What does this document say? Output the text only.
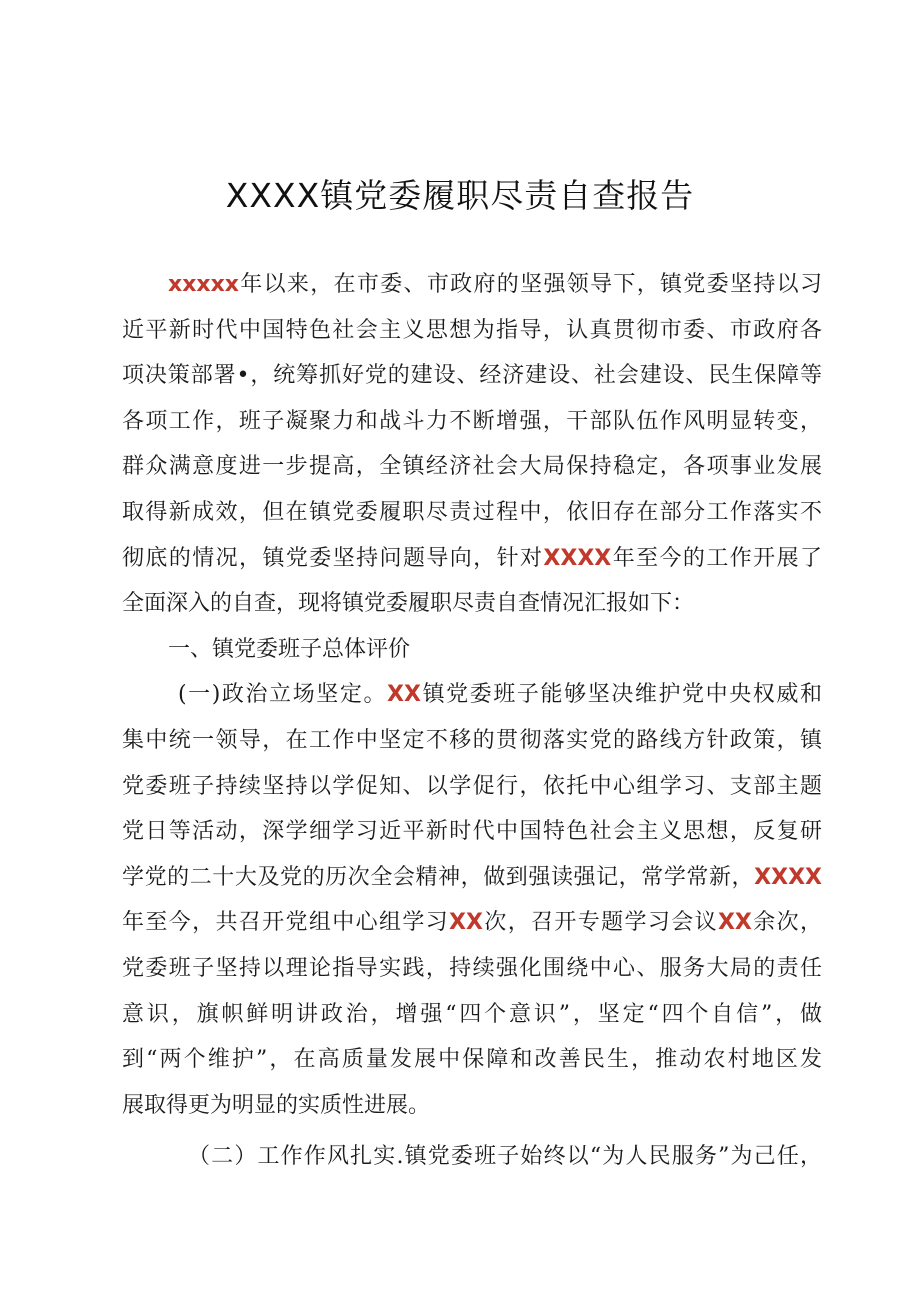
XXXX镇党委履职尽责自查报告
xxxxx年以来，在市委、市政府的坚强领导下，镇党委坚持以习
近平新时代中国特色社会主义思想为指导，认真贯彻市委、市政府各
项决策部署•，统筹抓好党的建设、经济建设、社会建设、民生保障等
各项工作，班子凝聚力和战斗力不断增强，干部队伍作风明显转变，
群众满意度进一步提高，全镇经济社会大局保持稳定，各项事业发展
取得新成效，但在镇党委履职尽责过程中，依旧存在部分工作落实不
彻底的情况，镇党委坚持问题导向，针对XXXX年至今的工作开展了
全面深入的自查，现将镇党委履职尽责自查情况汇报如下：
一、镇党委班子总体评价
(一)政治立场坚定。XX镇党委班子能够坚决维护党中央权威和
集中统一领导，在工作中坚定不移的贯彻落实党的路线方针政策，镇
党委班子持续坚持以学促知、以学促行，依托中心组学习、支部主题
党日等活动，深学细学习近平新时代中国特色社会主义思想，反复研
学党的二十大及党的历次全会精神，做到强读强记，常学常新，XXXX
年至今，共召开党组中心组学习XX次，召开专题学习会议XX余次，
党委班子坚持以理论指导实践，持续强化围绕中心、服务大局的责任
意识，旗帜鲜明讲政治，增强“四个意识”，坚定“四个自信”，做
到“两个维护”，在高质量发展中保障和改善民生，推动农村地区发
展取得更为明显的实质性进展。
（二）工作作风扎实.镇党委班子始终以“为人民服务”为己任，
